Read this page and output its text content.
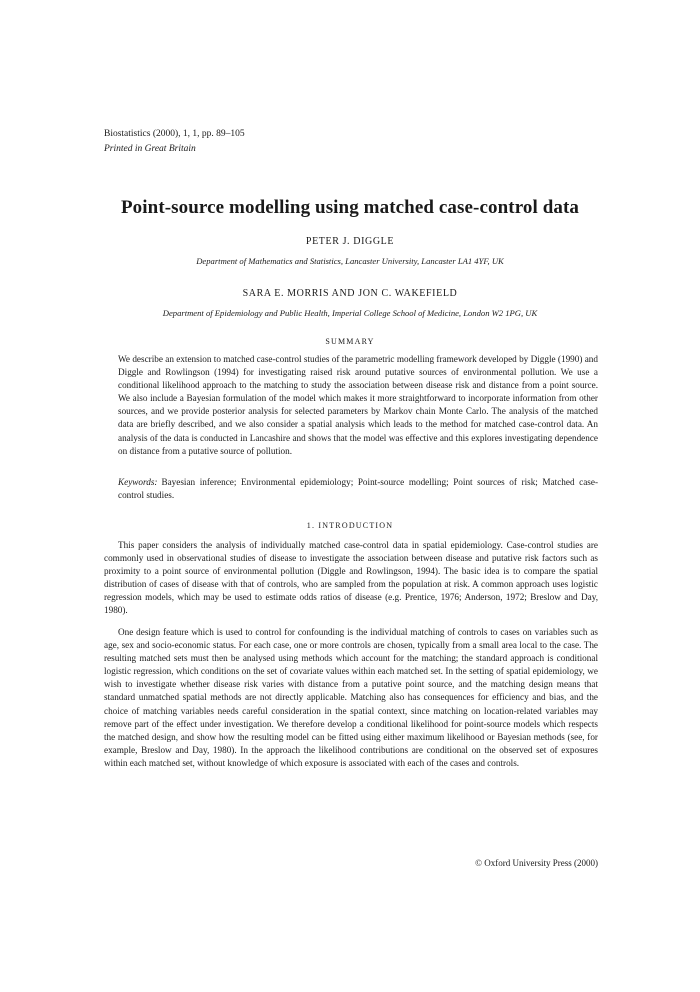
Biostatistics (2000), 1, 1, pp. 89–105
Printed in Great Britain
Point-source modelling using matched case-control data
PETER J. DIGGLE
Department of Mathematics and Statistics, Lancaster University, Lancaster LA1 4YF, UK
SARA E. MORRIS AND JON C. WAKEFIELD
Department of Epidemiology and Public Health, Imperial College School of Medicine, London W2 1PG, UK
SUMMARY

We describe an extension to matched case-control studies of the parametric modelling framework developed by Diggle (1990) and Diggle and Rowlingson (1994) for investigating raised risk around putative sources of environmental pollution. We use a conditional likelihood approach to the matching to study the association between disease risk and distance from a point source. We also include a Bayesian formulation of the model which makes it more straightforward to incorporate information from other sources, and we provide posterior analysis for selected parameters by Markov chain Monte Carlo. The analysis of the matched data are briefly described, and we also consider a spatial analysis which leads to the method for matched case-control data. An analysis of the data is conducted in Lancashire and shows that the model was effective and this explores investigating dependence on distance from a putative source of pollution.

Keywords: Bayesian inference; Environmental epidemiology; Point-source modelling; Point sources of risk; Matched case-control studies.
1. INTRODUCTION

This paper considers the analysis of individually matched case-control data in spatial epidemiology. Case-control studies are commonly used in observational studies of disease to investigate the association between disease and putative risk factors such as proximity to a point source of environmental pollution (Diggle and Rowlingson, 1994). The basic idea is to compare the spatial distribution of cases of disease with that of controls, who are sampled from the population at risk. A common approach uses logistic regression models, which may be used to estimate odds ratios of disease (e.g. Prentice, 1976; Anderson, 1972; Breslow and Day, 1980).

One design feature which is used to control for confounding is the individual matching of controls to cases on variables such as age, sex and socio-economic status. For each case, one or more controls are chosen, typically from a small area local to the case. The resulting matched sets must then be analysed using methods which account for the matching; the standard approach is conditional logistic regression, which conditions on the set of covariate values within each matched set. In the setting of spatial epidemiology, we wish to investigate whether disease risk varies with distance from a putative point source, and the matching design means that standard unmatched spatial methods are not directly applicable. Matching also has consequences for efficiency and bias, and the choice of matching variables needs careful consideration in the spatial context, since matching on location-related variables may remove part of the effect under investigation. We therefore develop a conditional likelihood for point-source models which respects the matched design, and show how the resulting model can be fitted using either maximum likelihood or Bayesian methods (see, for example, Breslow and Day, 1980). In the approach the likelihood contributions are conditional on the observed set of exposures within each matched set, without knowledge of which exposure is associated with each of the cases and controls.

© Oxford University Press (2000)
